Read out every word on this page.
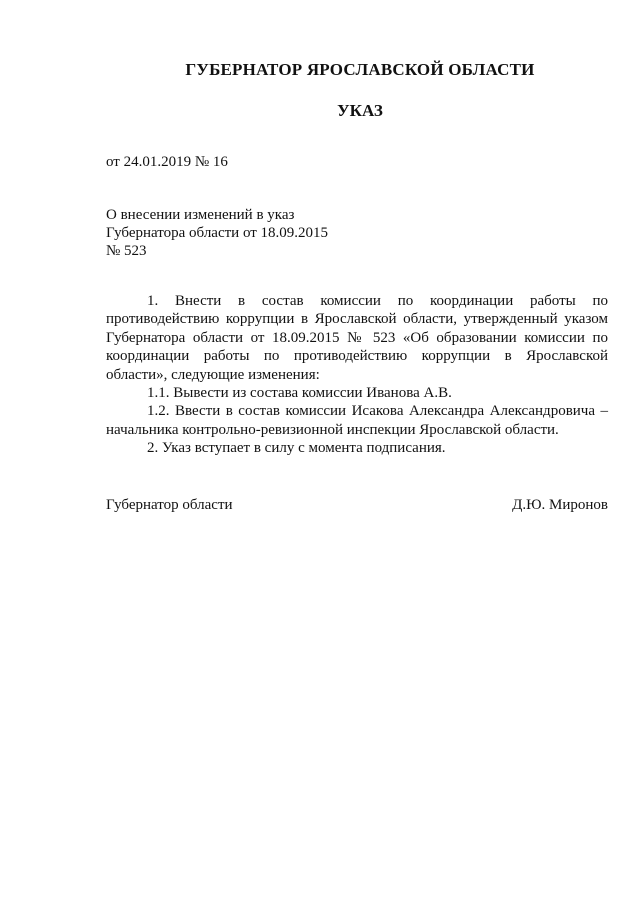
ГУБЕРНАТОР ЯРОСЛАВСКОЙ ОБЛАСТИ
УКАЗ
от 24.01.2019 № 16
О внесении изменений в указ
Губернатора области от 18.09.2015
№ 523

1. Внести в состав комиссии по координации работы по противодействию коррупции в Ярославской области, утвержденный указом Губернатора области от 18.09.2015 № 523 «Об образовании комиссии по координации работы по противодействию коррупции в Ярославской области», следующие изменения:

1.1. Вывести из состава комиссии Иванова А.В.

1.2. Ввести в состав комиссии Исакова Александра Александровича – начальника контрольно-ревизионной инспекции Ярославской области.

2. Указ вступает в силу с момента подписания.

Губернатор области	Д.Ю. Миронов
